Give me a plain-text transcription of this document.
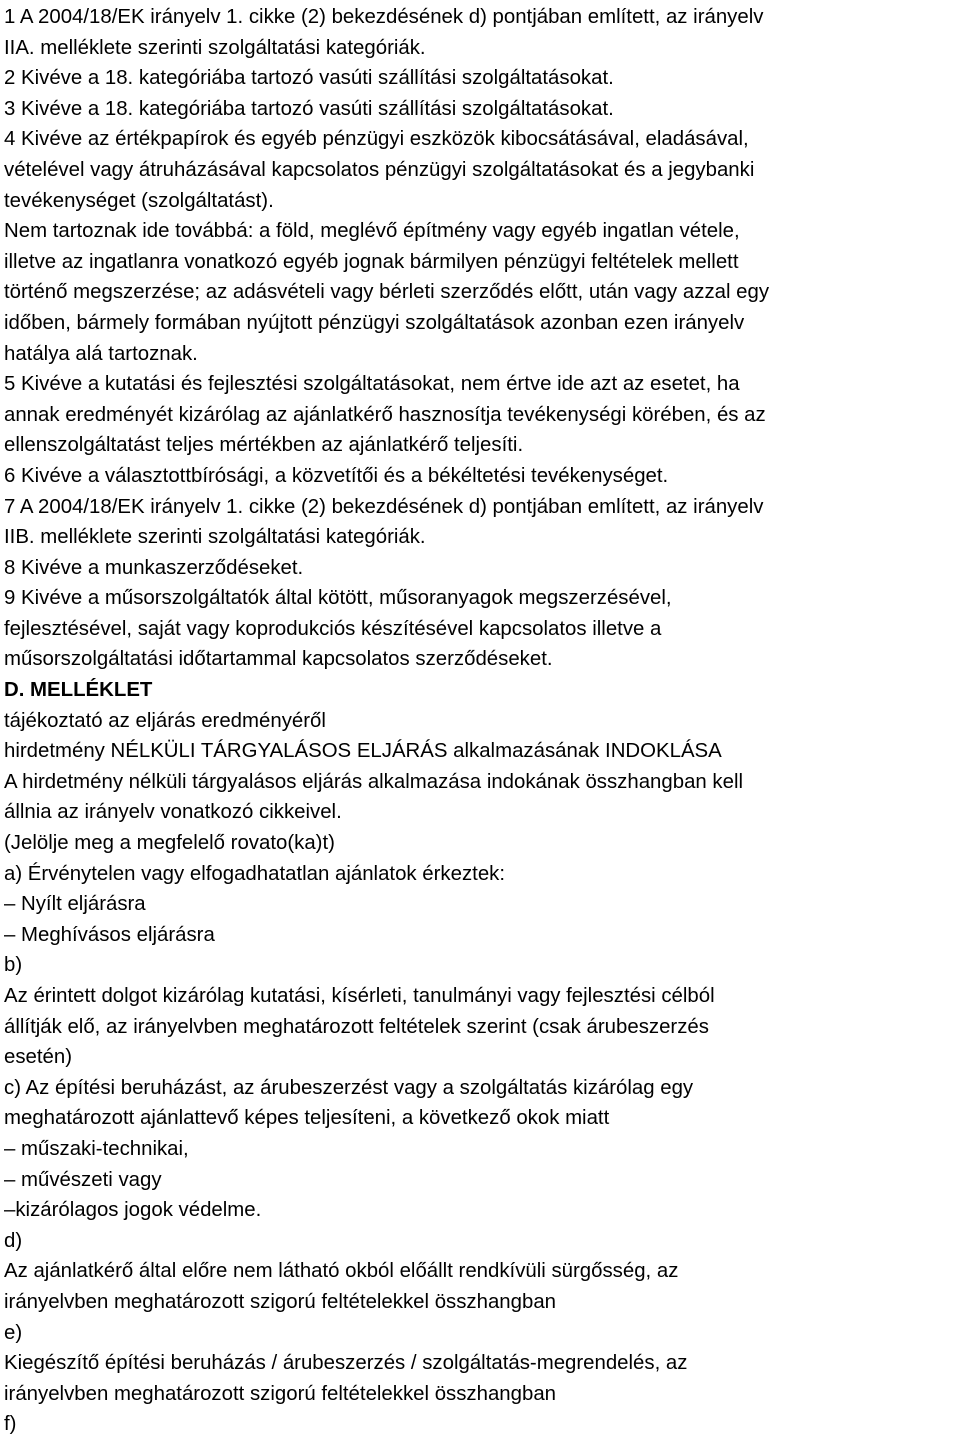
1 A 2004/18/EK irányelv 1. cikke (2) bekezdésének d) pontjában említett, az irányelv
IIA. melléklete szerinti szolgáltatási kategóriák.
2 Kivéve a 18. kategóriába tartozó vasúti szállítási szolgáltatásokat.
3 Kivéve a 18. kategóriába tartozó vasúti szállítási szolgáltatásokat.
4 Kivéve az értékpapírok és egyéb pénzügyi eszközök kibocsátásával, eladásával,
vételével vagy átruházásával kapcsolatos pénzügyi szolgáltatásokat és a jegybanki
tevékenységet (szolgáltatást).
Nem tartoznak ide továbbá: a föld, meglévő építmény vagy egyéb ingatlan vétele,
illetve az ingatlanra vonatkozó egyéb jognak bármilyen pénzügyi feltételek mellett
történő megszerzése; az adásvételi vagy bérleti szerződés előtt, után vagy azzal egy
időben, bármely formában nyújtott pénzügyi szolgáltatások azonban ezen irányelv
hatálya alá tartoznak.
5 Kivéve a kutatási és fejlesztési szolgáltatásokat, nem értve ide azt az esetet, ha
annak eredményét kizárólag az ajánlatkérő hasznosítja tevékenységi körében, és az
ellenszolgáltatást teljes mértékben az ajánlatkérő teljesíti.
6 Kivéve a választottbírósági, a közvetítői és a békéltetési tevékenységet.
7 A 2004/18/EK irányelv 1. cikke (2) bekezdésének d) pontjában említett, az irányelv
IIB. melléklete szerinti szolgáltatási kategóriák.
8 Kivéve a munkaszerződéseket.
9 Kivéve a műsorszolgáltatók által kötött, műsoranyagok megszerzésével,
fejlesztésével, saját vagy koprodukciós készítésével kapcsolatos illetve a
műsorszolgáltatási időtartammal kapcsolatos szerződéseket.
D. MELLÉKLET
tájékoztató az eljárás eredményéről
hirdetmény NÉLKÜLI TÁRGYALÁSOS ELJÁRÁS alkalmazásának INDOKLÁSA
A hirdetmény nélküli tárgyalásos eljárás alkalmazása indokának összhangban kell
állnia az irányelv vonatkozó cikkeivel.
(Jelölje meg a megfelelő rovato(ka)t)
a) Érvénytelen vagy elfogadhatatlan ajánlatok érkeztek:
– Nyílt eljárásra
– Meghívásos eljárásra
b)
Az érintett dolgot kizárólag kutatási, kísérleti, tanulmányi vagy fejlesztési célból
állítják elő, az irányelvben meghatározott feltételek szerint (csak árubeszerzés
esetén)
c) Az építési beruházást, az árubeszerzést vagy a szolgáltatás kizárólag egy
meghatározott ajánlattevő képes teljesíteni, a következő okok miatt
– műszaki-technikai,
– művészeti vagy
–kizárólagos jogok védelme.
d)
Az ajánlatkérő által előre nem látható okból előállt rendkívüli sürgősség, az
irányelvben meghatározott szigorú feltételekkel összhangban
e)
Kiegészítő építési beruházás / árubeszerzés / szolgáltatás-megrendelés, az
irányelvben meghatározott szigorú feltételekkel összhangban
f)
